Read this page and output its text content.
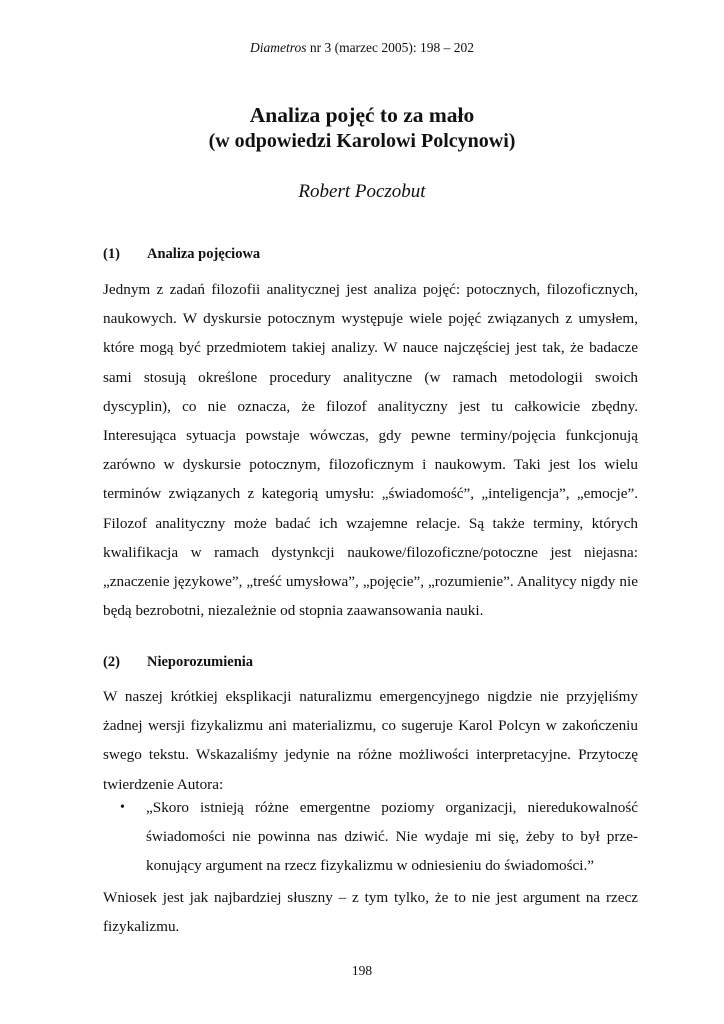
Diametros nr 3 (marzec 2005): 198 – 202
Analiza pojęć to za mało
(w odpowiedzi Karolowi Polcynowi)
Robert Poczobut
(1) Analiza pojęciowa
Jednym z zadań filozofii analitycznej jest analiza pojęć: potocznych, filozoficznych, naukowych. W dyskursie potocznym występuje wiele pojęć związanych z umysłem, które mogą być przedmiotem takiej analizy. W nauce najczęściej jest tak, że badacze sami stosują określone procedury analityczne (w ramach metodologii swoich dyscyplin), co nie oznacza, że filozof analityczny jest tu całkowicie zbędny. Interesująca sytuacja powstaje wówczas, gdy pewne terminy/​pojęcia funkcjonują zarówno w dyskursie potocznym, filozoficznym i naukowym. Taki jest los wielu terminów związanych z kategorią umysłu: „świadomość”, „inteligencja”, „emocje”. Filozof analityczny może badać ich wzajemne relacje. Są także terminy, których kwalifikacja w ramach dystynkcji naukowe/filozoficzne/​potoczne jest niejasna: „znaczenie językowe”, „treść umysłowa”, „pojęcie”, „rozumienie”. Analitycy nigdy nie będą bezrobotni, niezależnie od stopnia zaawansowania nauki.
(2) Nieporozumienia
W naszej krótkiej eksplikacji naturalizmu emergencyjnego nigdzie nie przyjęliśmy żadnej wersji fizykalizmu ani materializmu, co sugeruje Karol Polcyn w zakończeniu swego tekstu. Wskazaliśmy jedynie na różne możliwości interpretacyjne. Przytoczę twierdzenie Autora:
• „Skoro istnieją różne emergentne poziomy organizacji, nieredukowalność świadomości nie powinna nas dziwić. Nie wydaje mi się, żeby to był przekonujący argument na rzecz fizykalizmu w odniesieniu do świadomości.”
Wniosek jest jak najbardziej słuszny – z tym tylko, że to nie jest argument na rzecz fizykalizmu.
198
